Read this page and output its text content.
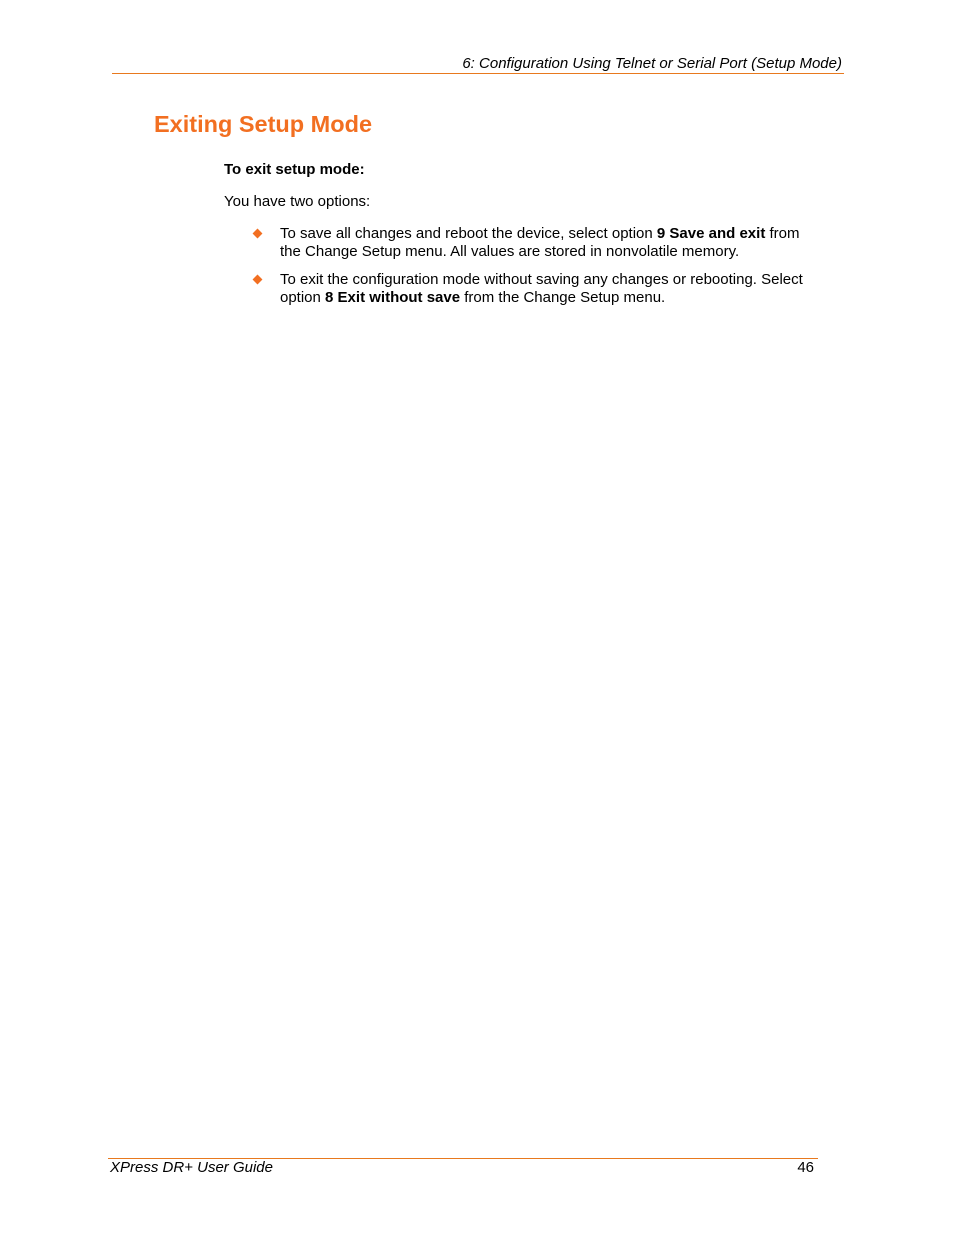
6: Configuration Using Telnet or Serial Port (Setup Mode)
Exiting Setup Mode
To exit setup mode:
You have two options:
To save all changes and reboot the device, select option 9 Save and exit from
the Change Setup menu. All values are stored in nonvolatile memory.
To exit the configuration mode without saving any changes or rebooting. Select
option 8 Exit without save from the Change Setup menu.
XPress DR+ User Guide	46
